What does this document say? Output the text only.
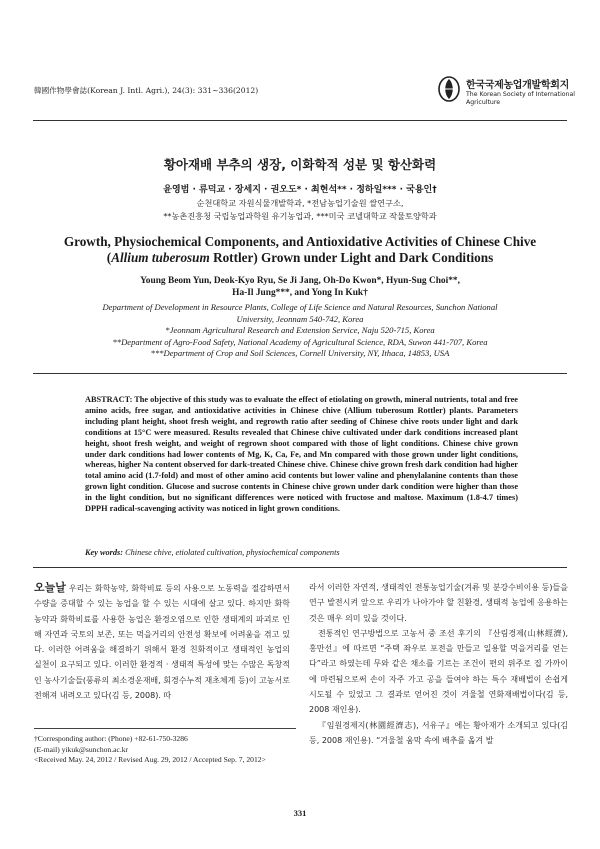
韓國作物學會誌(Korean J. Intl. Agri.), 24(3): 331∼336(2012)	한국국제농업개발학회지
The Korean Society of International
Agriculture
황아재배 부추의 생장, 이화학적 성분 및 항산화력
윤영범 · 류덕교 · 장세지 · 권오도* · 최현석** · 정하일*** · 국용인†
순천대학교 자원식물개발학과, *전남농업기술원 쌀연구소,
**농촌진흥청 국립농업과학원 유기농업과, ***미국 코넬대학교 작물토양학과
Growth, Physiochemical Components, and Antioxidative Activities of Chinese Chive
(Allium tuberosum Rottler) Grown under Light and Dark Conditions
Young Beom Yun, Deok-Kyo Ryu, Se Ji Jang, Oh-Do Kwon*, Hyun-Sug Choi**,
Ha-Il Jung***, and Yong In Kuk†
Department of Development in Resource Plants, College of Life Science and Natural Resources, Sunchon National
University, Jeonnam 540-742, Korea
*Jeonnam Agricultural Research and Extension Service, Naju 520-715, Korea
**Department of Agro-Food Safety, National Academy of Agricultural Science, RDA, Suwon 441-707, Korea
***Department of Crop and Soil Sciences, Cornell University, NY, Ithaca, 14853, USA
ABSTRACT: The objective of this study was to evaluate the effect of etiolating on growth, mineral nutrients, total and free amino acids, free sugar, and antioxidative activities in Chinese chive (Allium tuberosum Rottler) plants. Parameters including plant height, shoot fresh weight, and regrowth ratio after seeding of Chinese chive roots under light and dark conditions at 15°C were measured. Results revealed that Chinese chive cultivated under dark conditions increased plant height, shoot fresh weight, and weight of regrown shoot compared with those of light conditions. Chinese chive grown under dark conditions had lower contents of Mg, K, Ca, Fe, and Mn compared with those grown under light conditions, whereas, higher Na content observed for dark-treated Chinese chive. Chinese chive grown fresh dark condition had higher total amino acid (1.7-fold) and most of other amino acid contents but lower valine and phenylalanine contents than those grown light condition. Glucose and sucrose contents in Chinese chive grown under dark condition were higher than those in the light condition, but no significant differences were noticed with fructose and maltose. Maximum (1.8-4.7 times) DPPH radical-scavenging activity was noticed in light grown conditions.
Key words: Chinese chive, etiolated cultivation, physiochemical components

오늘날 우리는 화학농약, 화학비료 등의 사용으로 노동력을 절감하면서 수량을 증대할 수 있는 농업을 할 수 있는 시대에 살고 있다. 하지만 화학농약과 화학비료를 사용한 농업은 환경오염으로 인한 생태계의 파괴로 인해 자연과 국토의 보존, 또는 먹을거리의 안전성 확보에 어려움을 겪고 있다. 이러한 어려움을 해결하기 위해서 환경 친화적이고 생태적인 농업의 실천이 요구되고 있다. 이러한 환경적 · 생태적 특성에 맞는 수많은 독창적인 농사기술들(풍류의 최소경운재배, 회경수누적 재초체계 등)이 고농서로 전해져 내려오고 있다(김 등, 2008). 따

라서 이러한 자연적, 생태적인 전통농업기술(겨류 및 분강수비이용 등)들을 연구 발전시켜 앞으로 우리가 나아가야 할 친환경, 생태적 농업에 응용하는 것은 매우 의미 있을 것이다.

전통적인 연구방법으로 고농서 중 조선 후기의 『산림경제(山林經濟), 홍만선』에 따르면 “주택 좌우로 포전을 만들고 일용할 먹을거리를 얻는다”라고 하였는데 무와 같은 채소를 기르는 조건이 편의 위주로 집 가까이에 마련됨으로써 손이 자주 가고 공을 들여야 하는 특수 재배법이 손쉽게 시도될 수 있었고 그 결과로 얻어진 것이 겨울철 연화재배법이다(김 등, 2008 재인용).

『임원경제지(林園經濟志), 서유구』에는 황아재가 소개되고 있다(김 등, 2008 재인용). “겨울철 움막 속에 배추를 옮겨 발

†Corresponding author: (Phone) +82-61-750-3286
(E-mail) yikuk@sunchon.ac.kr
<Received May. 24, 2012 / Revised Aug. 29, 2012 / Accepted Sep. 7, 2012>
331
